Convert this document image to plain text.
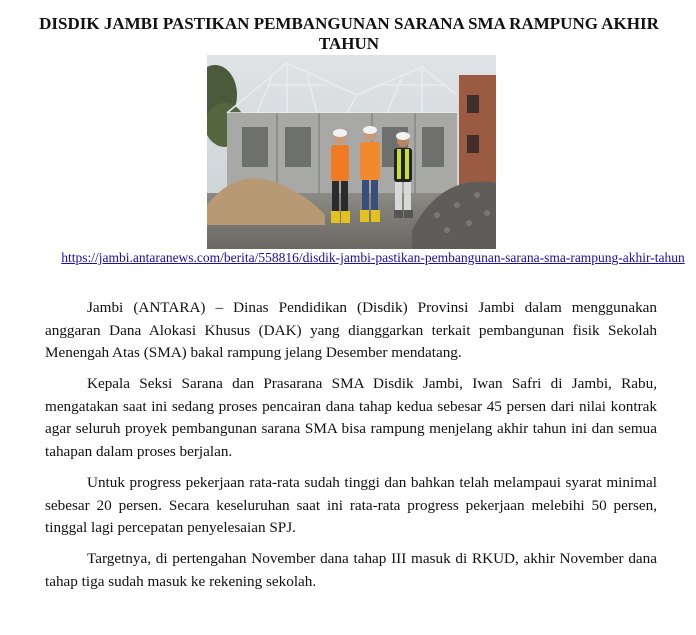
DISDIK JAMBI PASTIKAN PEMBANGUNAN SARANA SMA RAMPUNG AKHIR TAHUN
https://jambi.antaranews.com/berita/558816/disdik-jambi-pastikan-pembangunan-sarana-sma-rampung-akhir-tahun

Jambi (ANTARA) – Dinas Pendidikan (Disdik) Provinsi Jambi dalam menggunakan anggaran Dana Alokasi Khusus (DAK) yang dianggarkan terkait pembangunan fisik Sekolah Menengah Atas (SMA) bakal rampung jelang Desember mendatang.

Kepala Seksi Sarana dan Prasarana SMA Disdik Jambi, Iwan Safri di Jambi, Rabu, mengatakan saat ini sedang proses pencairan dana tahap kedua sebesar 45 persen dari nilai kontrak agar seluruh proyek pembangunan sarana SMA bisa rampung menjelang akhir tahun ini dan semua tahapan dalam proses berjalan.

Untuk progress pekerjaan rata-rata sudah tinggi dan bahkan telah melampaui syarat minimal sebesar 20 persen. Secara keseluruhan saat ini rata-rata progress pekerjaan melebihi 50 persen, tinggal lagi percepatan penyelesaian SPJ.

Targetnya, di pertengahan November dana tahap III masuk di RKUD, akhir November dana tahap tiga sudah masuk ke rekening sekolah.
